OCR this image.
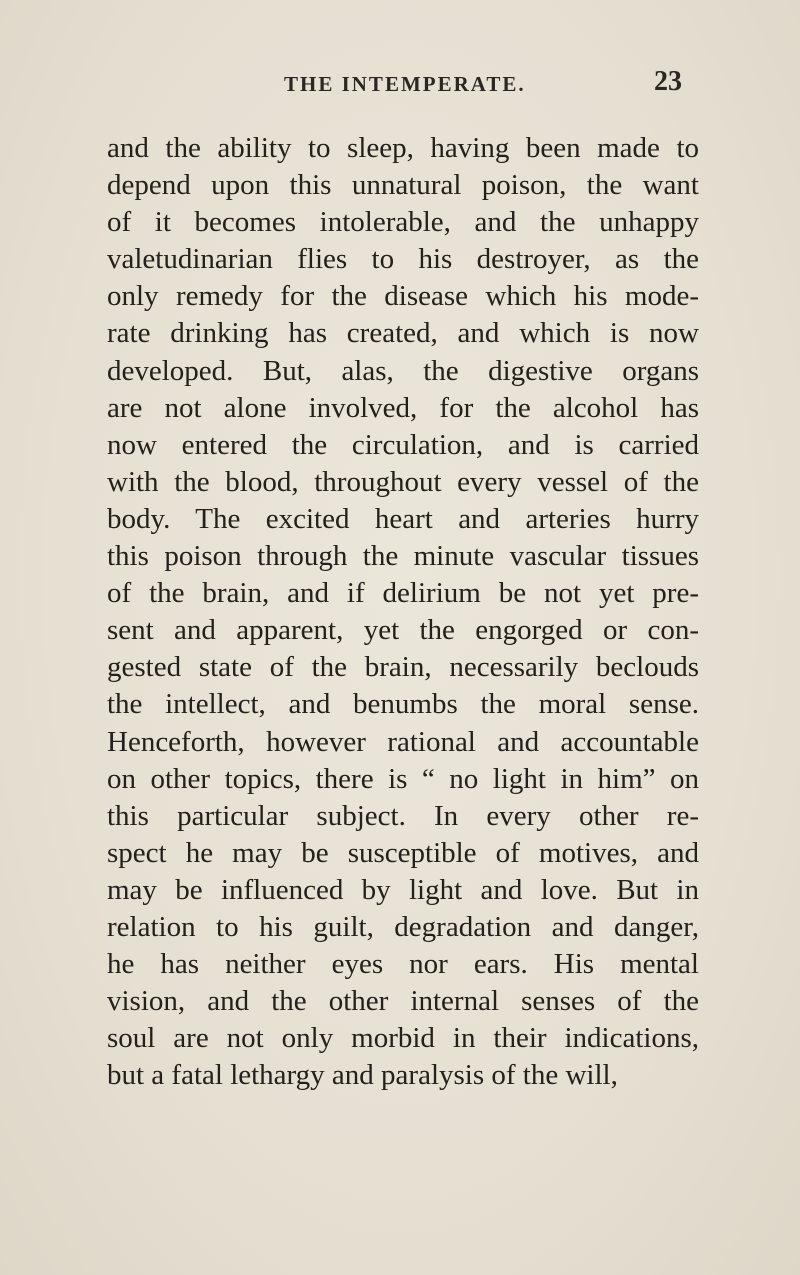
THE INTEMPERATE.	23
and the ability to sleep, having been made to
depend upon this unnatural poison, the want
of it becomes intolerable, and the unhappy
valetudinarian flies to his destroyer, as the
only remedy for the disease which his mode-
rate drinking has created, and which is now
developed. But, alas, the digestive organs
are not alone involved, for the alcohol has
now entered the circulation, and is carried
with the blood, throughout every vessel of the
body. The excited heart and arteries hurry
this poison through the minute vascular tissues
of the brain, and if delirium be not yet pre-
sent and apparent, yet the engorged or con-
gested state of the brain, necessarily beclouds
the intellect, and benumbs the moral sense.
Henceforth, however rational and accountable
on other topics, there is “ no light in him” on
this particular subject. In every other re-
spect he may be susceptible of motives, and
may be influenced by light and love. But in
relation to his guilt, degradation and danger,
he has neither eyes nor ears. His mental
vision, and the other internal senses of the
soul are not only morbid in their indications,
but a fatal lethargy and paralysis of the will,
